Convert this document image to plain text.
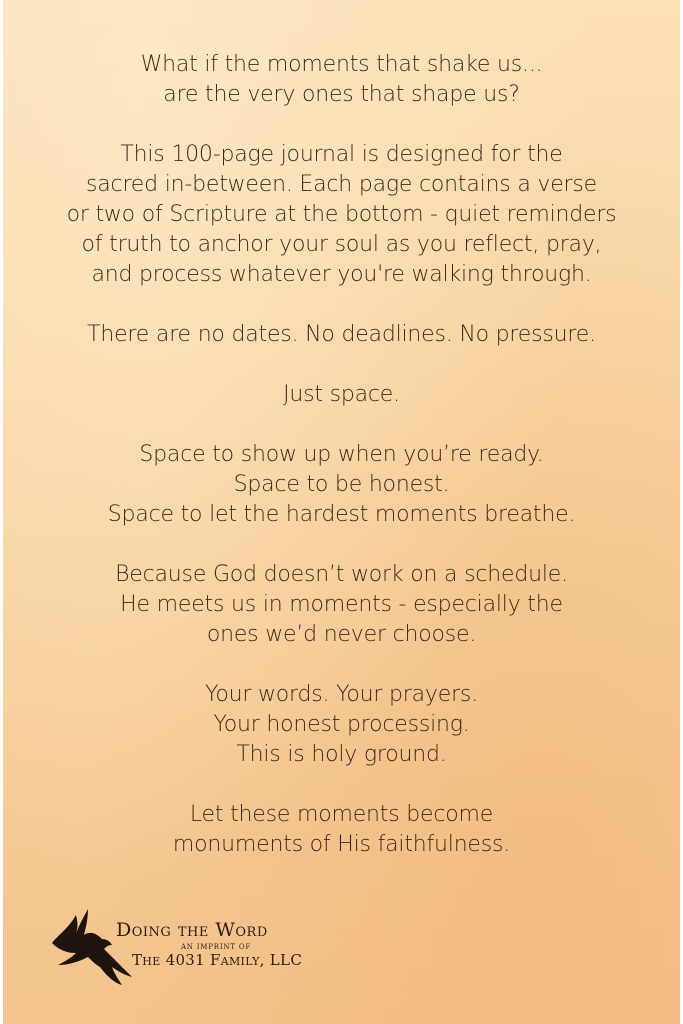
What if the moments that shake us...
are the very ones that shape us?

This 100-page journal is designed for the
sacred in-between. Each page contains a verse
or two of Scripture at the bottom - quiet reminders
of truth to anchor your soul as you reflect, pray,
and process whatever you're walking through.

There are no dates. No deadlines. No pressure.

Just space.

Space to show up when you’re ready.
Space to be honest.
Space to let the hardest moments breathe.

Because God doesn’t work on a schedule.
He meets us in moments - especially the
ones we’d never choose.

Your words. Your prayers.
Your honest processing.
This is holy ground.

Let these moments become
monuments of His faithfulness.

Doing the Word
AN IMPRINT OF
The 4031 Family, LLC
